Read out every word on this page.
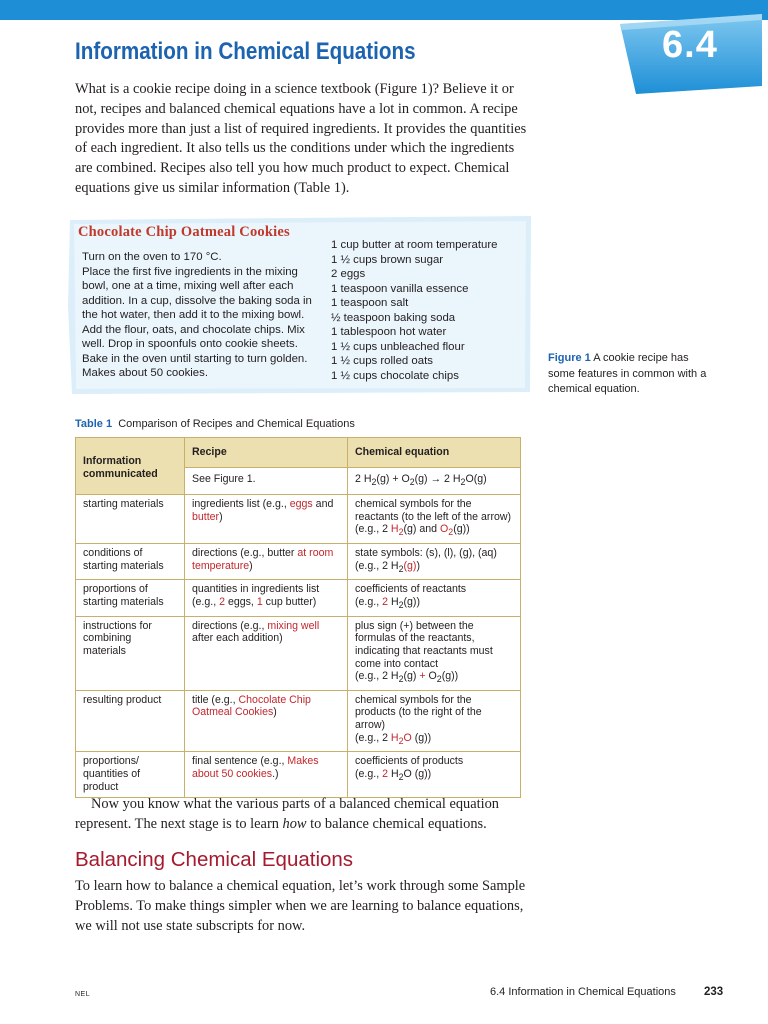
6.4
Information in Chemical Equations

What is a cookie recipe doing in a science textbook (Figure 1)? Believe it or not, recipes and balanced chemical equations have a lot in common. A recipe provides more than just a list of required ingredients. It provides the quantities of each ingredient. It also tells us the conditions under which the ingredients are combined. Recipes also tell you how much product to expect. Chemical equations give us similar information (Table 1).

Chocolate Chip Oatmeal Cookies
Turn on the oven to 170 °C.
Place the first five ingredients in the mixing
bowl, one at a time, mixing well after each
addition. In a cup, dissolve the baking soda in
the hot water, then add it to the mixing bowl.
Add the flour, oats, and chocolate chips. Mix
well. Drop in spoonfuls onto cookie sheets.
Bake in the oven until starting to turn golden.
Makes about 50 cookies.
1 cup butter at room temperature
1 ½ cups brown sugar
2 eggs
1 teaspoon vanilla essence
1 teaspoon salt
½ teaspoon baking soda
1 tablespoon hot water
1 ½ cups unbleached flour
1 ½ cups rolled oats
1 ½ cups chocolate chips
Figure 1 A cookie recipe has some features in common with a chemical equation.
Table 1 Comparison of Recipes and Chemical Equations
Information communicated	Recipe	Chemical equation
	See Figure 1.	2 $H_2(g) + O_2(g) \to 2$ $H_2O(g)$
starting materials	ingredients list (e.g., eggs and butter)	chemical symbols for the reactants (to the left of the arrow)
(e.g., 2 $H_2(g)$ and $O_2(g)$)
conditions of starting materials	directions (e.g., butter at room temperature)	state symbols: (s), (l), (g), (aq)
(e.g., 2 $H_2(g)$)
proportions of starting materials	quantities in ingredients list
(e.g., 2 eggs, 1 cup butter)	coefficients of reactants
(e.g., 2 $H_2(g)$)
instructions for combining materials	directions (e.g., mixing well after each addition)	plus sign (+) between the formulas of the reactants, indicating that reactants must come into contact
(e.g., 2 $H_2(g) + O_2(g)$)
resulting product	title (e.g., Chocolate Chip Oatmeal Cookies)	chemical symbols for the products (to the right of the arrow)
(e.g., 2 $H_2O$ (g))
proportions/ quantities of product	final sentence (e.g., Makes about 50 cookies.)	coefficients of products
(e.g., 2 $H_2O$ (g))

Now you know what the various parts of a balanced chemical equation represent. The next stage is to learn how to balance chemical equations.

Balancing Chemical Equations

To learn how to balance a chemical equation, let’s work through some Sample Problems. To make things simpler when we are learning to balance equations, we will not use state subscripts for now.

NEL	6.4 Information in Chemical Equations 233
